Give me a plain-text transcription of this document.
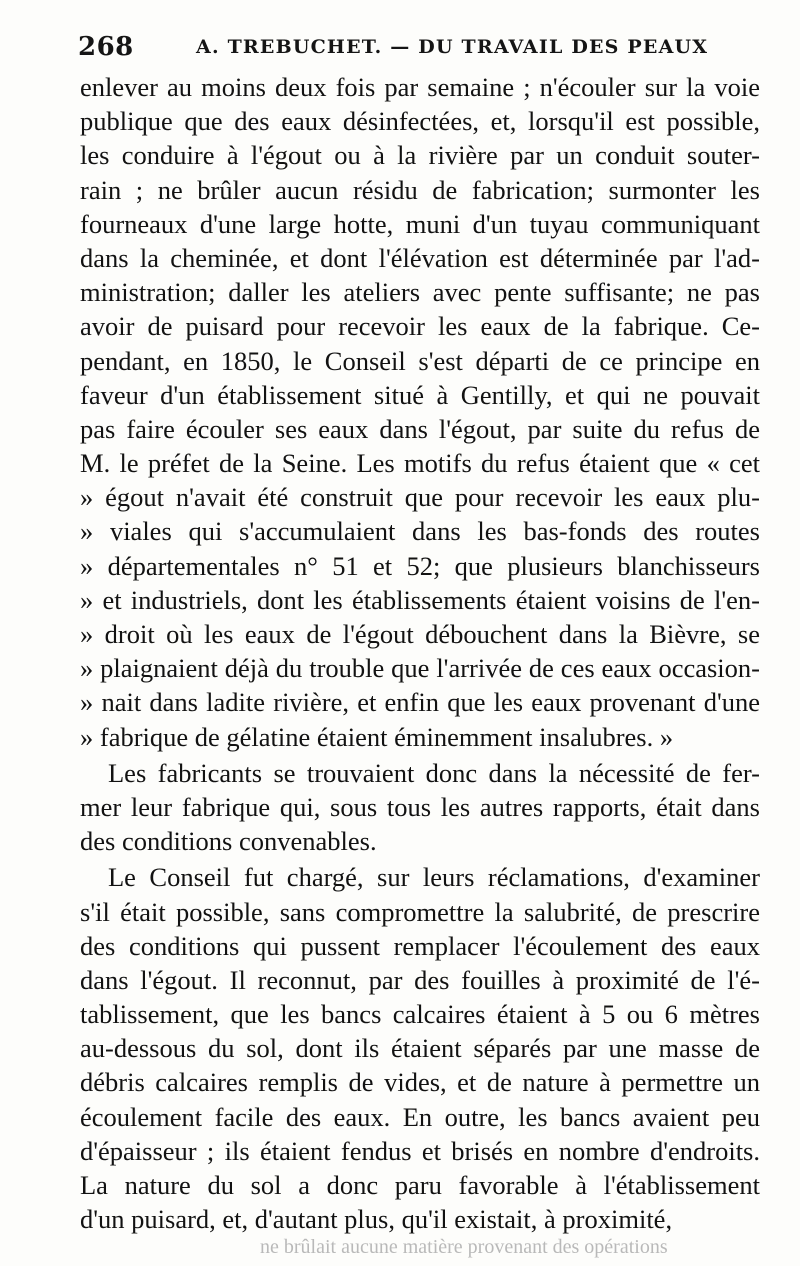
268	A. TREBUCHET. — DU TRAVAIL DES PEAUX
enlever au moins deux fois par semaine ; n'écouler sur la voie
publique que des eaux désinfectées, et, lorsqu'il est possible,
les conduire à l'égout ou à la rivière par un conduit souter-
rain ; ne brûler aucun résidu de fabrication; surmonter les
fourneaux d'une large hotte, muni d'un tuyau communiquant
dans la cheminée, et dont l'élévation est déterminée par l'ad-
ministration; daller les ateliers avec pente suffisante; ne pas
avoir de puisard pour recevoir les eaux de la fabrique. Ce-
pendant, en 1850, le Conseil s'est départi de ce principe en
faveur d'un établissement situé à Gentilly, et qui ne pouvait
pas faire écouler ses eaux dans l'égout, par suite du refus de
M. le préfet de la Seine. Les motifs du refus étaient que « cet
» égout n'avait été construit que pour recevoir les eaux plu-
» viales qui s'accumulaient dans les bas-fonds des routes
» départementales n° 51 et 52; que plusieurs blanchisseurs
» et industriels, dont les établissements étaient voisins de l'en-
» droit où les eaux de l'égout débouchent dans la Bièvre, se
» plaignaient déjà du trouble que l'arrivée de ces eaux occasion-
» nait dans ladite rivière, et enfin que les eaux provenant d'une
» fabrique de gélatine étaient éminemment insalubres. »
Les fabricants se trouvaient donc dans la nécessité de fer-
mer leur fabrique qui, sous tous les autres rapports, était dans
des conditions convenables.
Le Conseil fut chargé, sur leurs réclamations, d'examiner
s'il était possible, sans compromettre la salubrité, de prescrire
des conditions qui pussent remplacer l'écoulement des eaux
dans l'égout. Il reconnut, par des fouilles à proximité de l'é-
tablissement, que les bancs calcaires étaient à 5 ou 6 mètres
au-dessous du sol, dont ils étaient séparés par une masse de
débris calcaires remplis de vides, et de nature à permettre un
écoulement facile des eaux. En outre, les bancs avaient peu
d'épaisseur ; ils étaient fendus et brisés en nombre d'endroits.
La nature du sol a donc paru favorable à l'établissement
d'un puisard, et, d'autant plus, qu'il existait, à proximité,
ne brûlait aucune matière provenant des opérations
